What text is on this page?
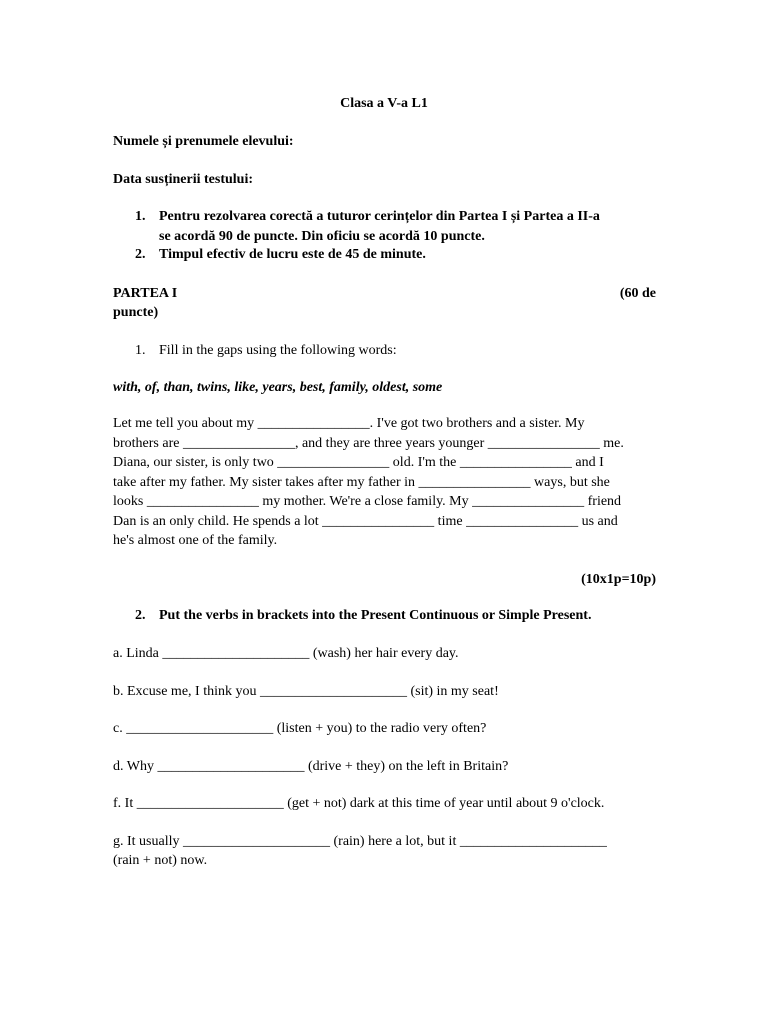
Clasa a V-a L1
Numele și prenumele elevului:
Data susținerii testului:
1. Pentru rezolvarea corectă a tuturor cerințelor din Partea I și Partea a II-a
se acordă 90 de puncte. Din oficiu se acordă 10 puncte.
2. Timpul efectiv de lucru este de 45 de minute.
PARTEA I	(60 de
puncte)
1. Fill in the gaps using the following words:
with, of, than, twins, like, years, best, family, oldest, some
Let me tell you about my ________________. I've got two brothers and a sister. My
brothers are ________________, and they are three years younger ________________ me.
Diana, our sister, is only two ________________ old. I'm the ________________ and I
take after my father. My sister takes after my father in ________________ ways, but she
looks ________________ my mother. We're a close family. My ________________ friend
Dan is an only child. He spends a lot ________________ time ________________ us and
he's almost one of the family.
(10x1p=10p)
2. Put the verbs in brackets into the Present Continuous or Simple Present.
a. Linda _____________________ (wash) her hair every day.
b. Excuse me, I think you _____________________ (sit) in my seat!
c. _____________________ (listen + you) to the radio very often?
d. Why _____________________ (drive + they) on the left in Britain?
f. It _____________________ (get + not) dark at this time of year until about 9 o'clock.
g. It usually _____________________ (rain) here a lot, but it _____________________
(rain + not) now.
